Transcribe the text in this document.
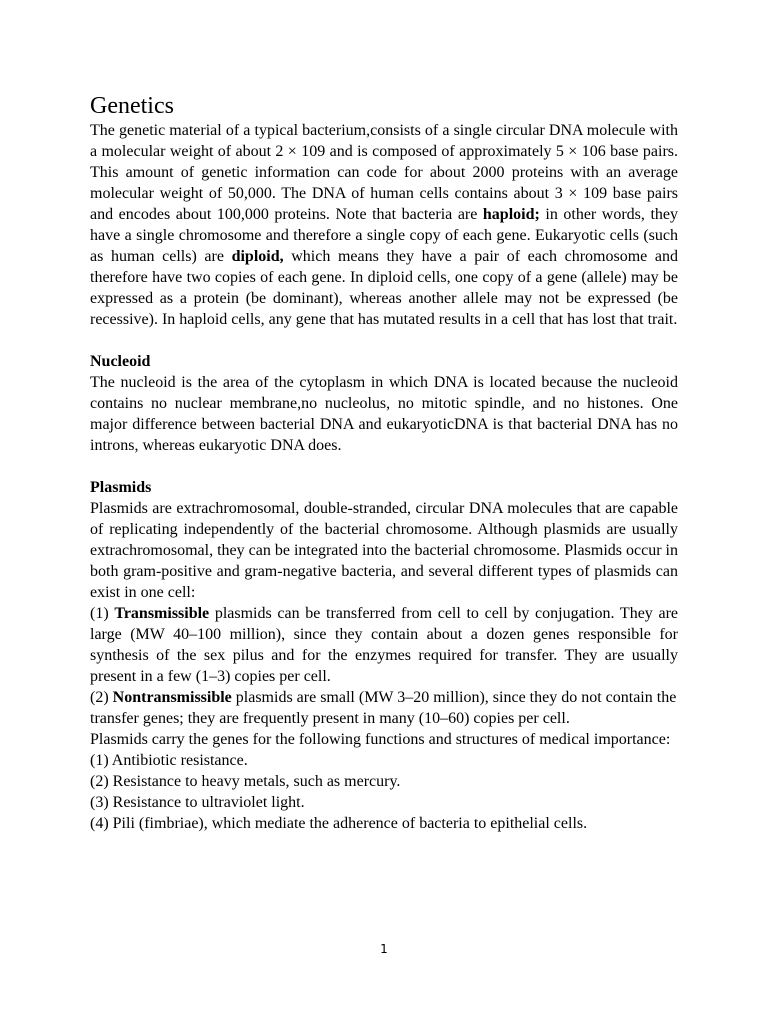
Genetics

The genetic material of a typical bacterium,consists of a single circular DNA molecule with a molecular weight of about 2 × 109 and is composed of approximately 5 × 106 base pairs. This amount of genetic information can code for about 2000 proteins with an average molecular weight of 50,000. The DNA of human cells contains about 3 × 109 base pairs and encodes about 100,000 proteins. Note that bacteria are haploid; in other words, they have a single chromosome and therefore a single copy of each gene. Eukaryotic cells (such as human cells) are diploid, which means they have a pair of each chromosome and therefore have two copies of each gene. In diploid cells, one copy of a gene (allele) may be expressed as a protein (be dominant), whereas another allele may not be expressed (be recessive). In haploid cells, any gene that has mutated results in a cell that has lost that trait.

Nucleoid

The nucleoid is the area of the cytoplasm in which DNA is located because the nucleoid contains no nuclear membrane,no nucleolus, no mitotic spindle, and no histones. One major difference between bacterial DNA and eukaryoticDNA is that bacterial DNA has no introns, whereas eukaryotic DNA does.

Plasmids

Plasmids are extrachromosomal, double-stranded, circular DNA molecules that are capable of replicating independently of the bacterial chromosome. Although plasmids are usually extrachromosomal, they can be integrated into the bacterial chromosome. Plasmids occur in both gram-positive and gram-negative bacteria, and several different types of plasmids can exist in one cell:

(1) Transmissible plasmids can be transferred from cell to cell by conjugation. They are large (MW 40–100 million), since they contain about a dozen genes responsible for synthesis of the sex pilus and for the enzymes required for transfer. They are usually present in a few (1–3) copies per cell.

(2) Nontransmissible plasmids are small (MW 3–20 million), since they do not contain the transfer genes; they are frequently present in many (10–60) copies per cell.

Plasmids carry the genes for the following functions and structures of medical importance:

(1) Antibiotic resistance.

(2) Resistance to heavy metals, such as mercury.

(3) Resistance to ultraviolet light.

(4) Pili (fimbriae), which mediate the adherence of bacteria to epithelial cells.

1
